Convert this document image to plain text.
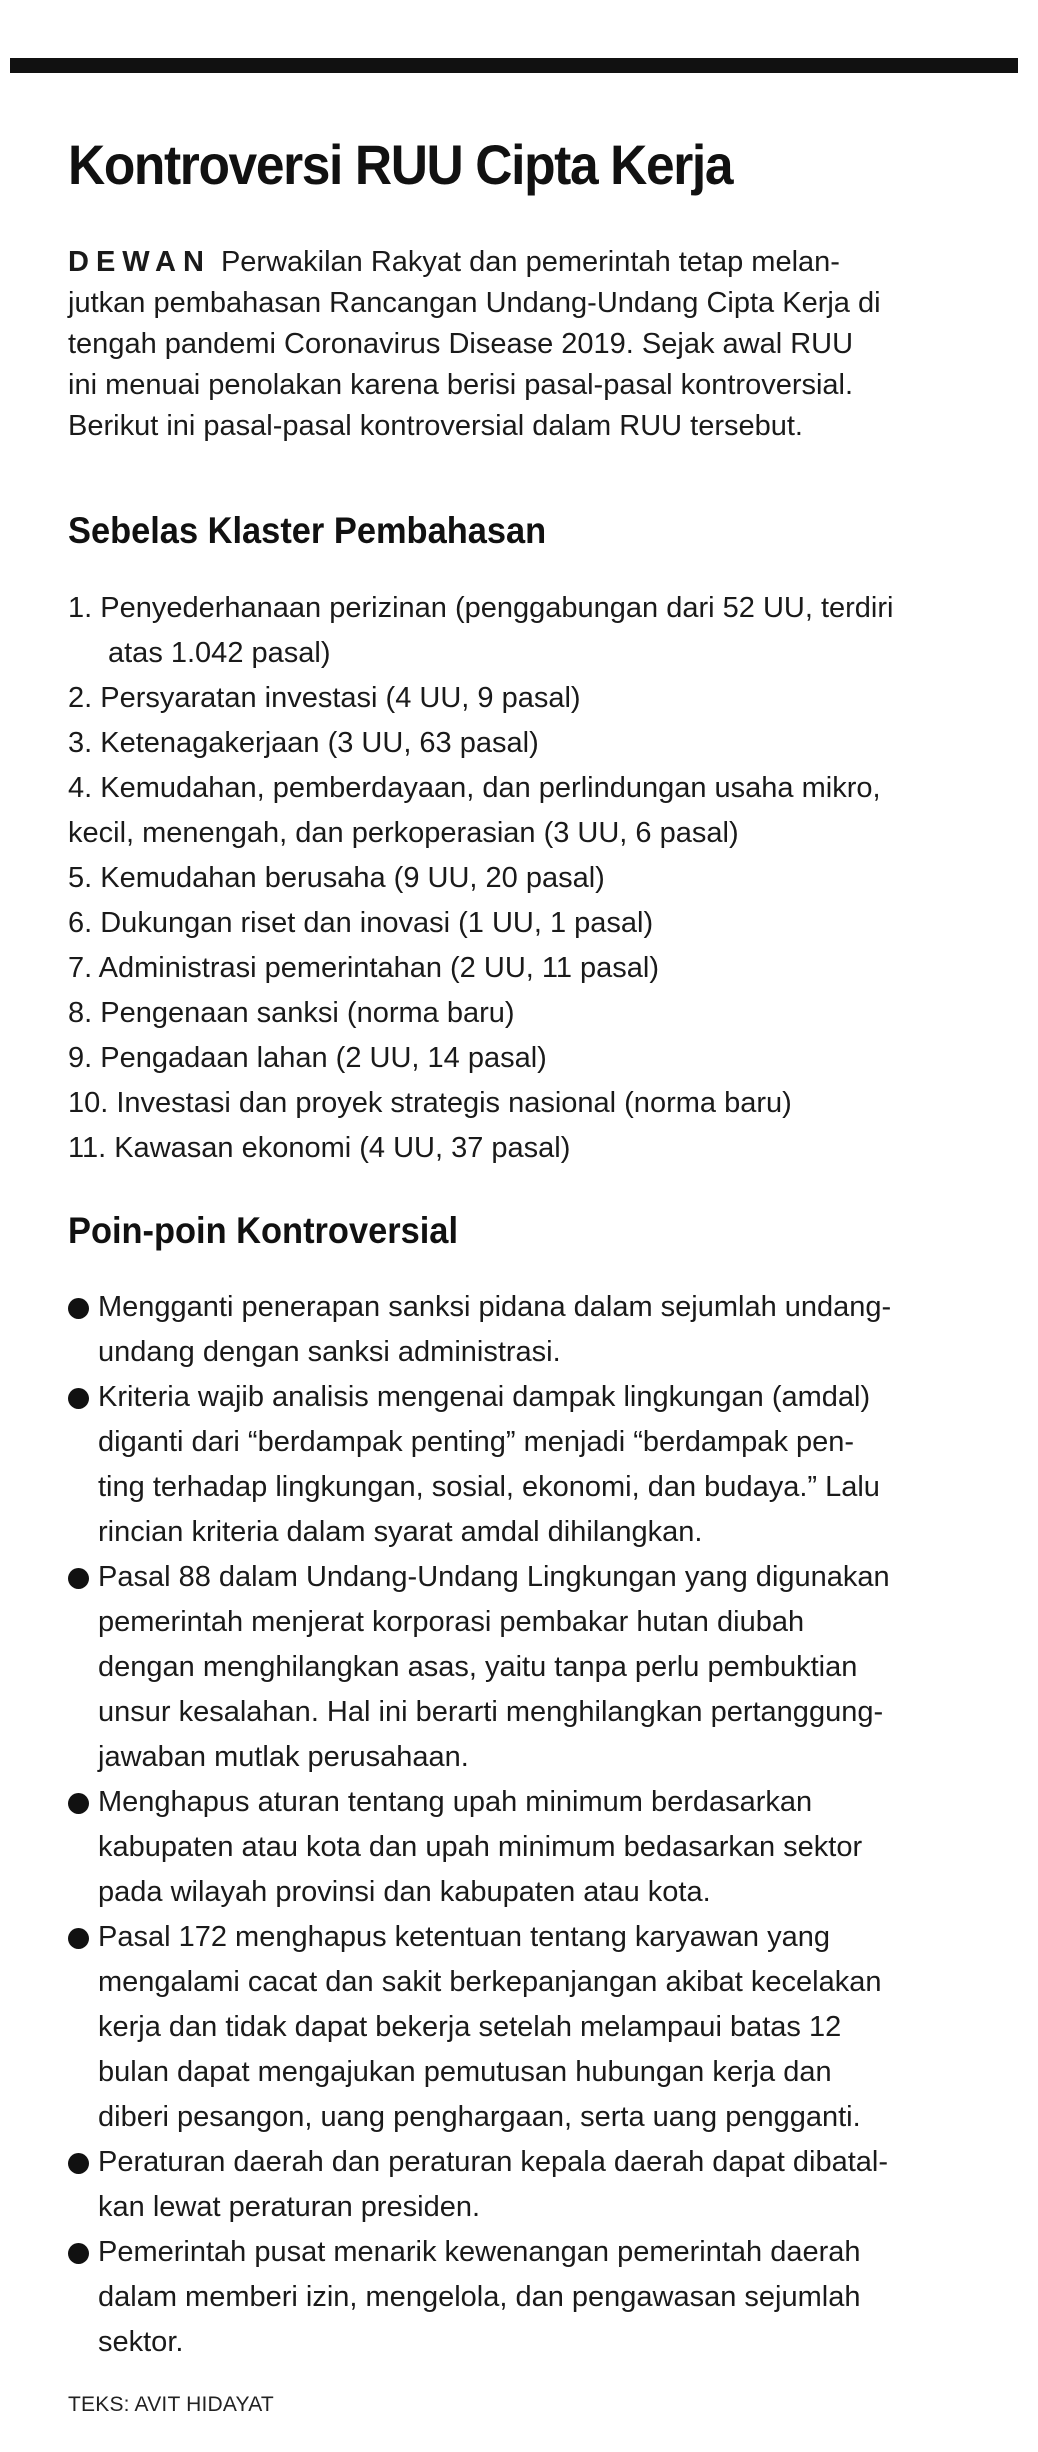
Kontroversi RUU Cipta Kerja

DEWAN Perwakilan Rakyat dan pemerintah tetap melan-
jutkan pembahasan Rancangan Undang-Undang Cipta Kerja di
tengah pandemi Coronavirus Disease 2019. Sejak awal RUU
ini menuai penolakan karena berisi pasal-pasal kontroversial.
Berikut ini pasal-pasal kontroversial dalam RUU tersebut.

Sebelas Klaster Pembahasan
1. Penyederhanaan perizinan (penggabungan dari 52 UU, terdiri
atas 1.042 pasal)
2. Persyaratan investasi (4 UU, 9 pasal)
3. Ketenagakerjaan (3 UU, 63 pasal)
4. Kemudahan, pemberdayaan, dan perlindungan usaha mikro,
kecil, menengah, dan perkoperasian (3 UU, 6 pasal)
5. Kemudahan berusaha (9 UU, 20 pasal)
6. Dukungan riset dan inovasi (1 UU, 1 pasal)
7. Administrasi pemerintahan (2 UU, 11 pasal)
8. Pengenaan sanksi (norma baru)
9. Pengadaan lahan (2 UU, 14 pasal)
10. Investasi dan proyek strategis nasional (norma baru)
11. Kawasan ekonomi (4 UU, 37 pasal)
Poin-poin Kontroversial
Mengganti penerapan sanksi pidana dalam sejumlah undang-
undang dengan sanksi administrasi.
Kriteria wajib analisis mengenai dampak lingkungan (amdal)
diganti dari “berdampak penting” menjadi “berdampak pen-
ting terhadap lingkungan, sosial, ekonomi, dan budaya.” Lalu
rincian kriteria dalam syarat amdal dihilangkan.
Pasal 88 dalam Undang-Undang Lingkungan yang digunakan
pemerintah menjerat korporasi pembakar hutan diubah
dengan menghilangkan asas, yaitu tanpa perlu pembuktian
unsur kesalahan. Hal ini berarti menghilangkan pertanggung-
jawaban mutlak perusahaan.
Menghapus aturan tentang upah minimum berdasarkan
kabupaten atau kota dan upah minimum bedasarkan sektor
pada wilayah provinsi dan kabupaten atau kota.
Pasal 172 menghapus ketentuan tentang karyawan yang
mengalami cacat dan sakit berkepanjangan akibat kecelakan
kerja dan tidak dapat bekerja setelah melampaui batas 12
bulan dapat mengajukan pemutusan hubungan kerja dan
diberi pesangon, uang penghargaan, serta uang pengganti.
Peraturan daerah dan peraturan kepala daerah dapat dibatal-
kan lewat peraturan presiden.
Pemerintah pusat menarik kewenangan pemerintah daerah
dalam memberi izin, mengelola, dan pengawasan sejumlah
sektor.

TEKS: AVIT HIDAYAT
